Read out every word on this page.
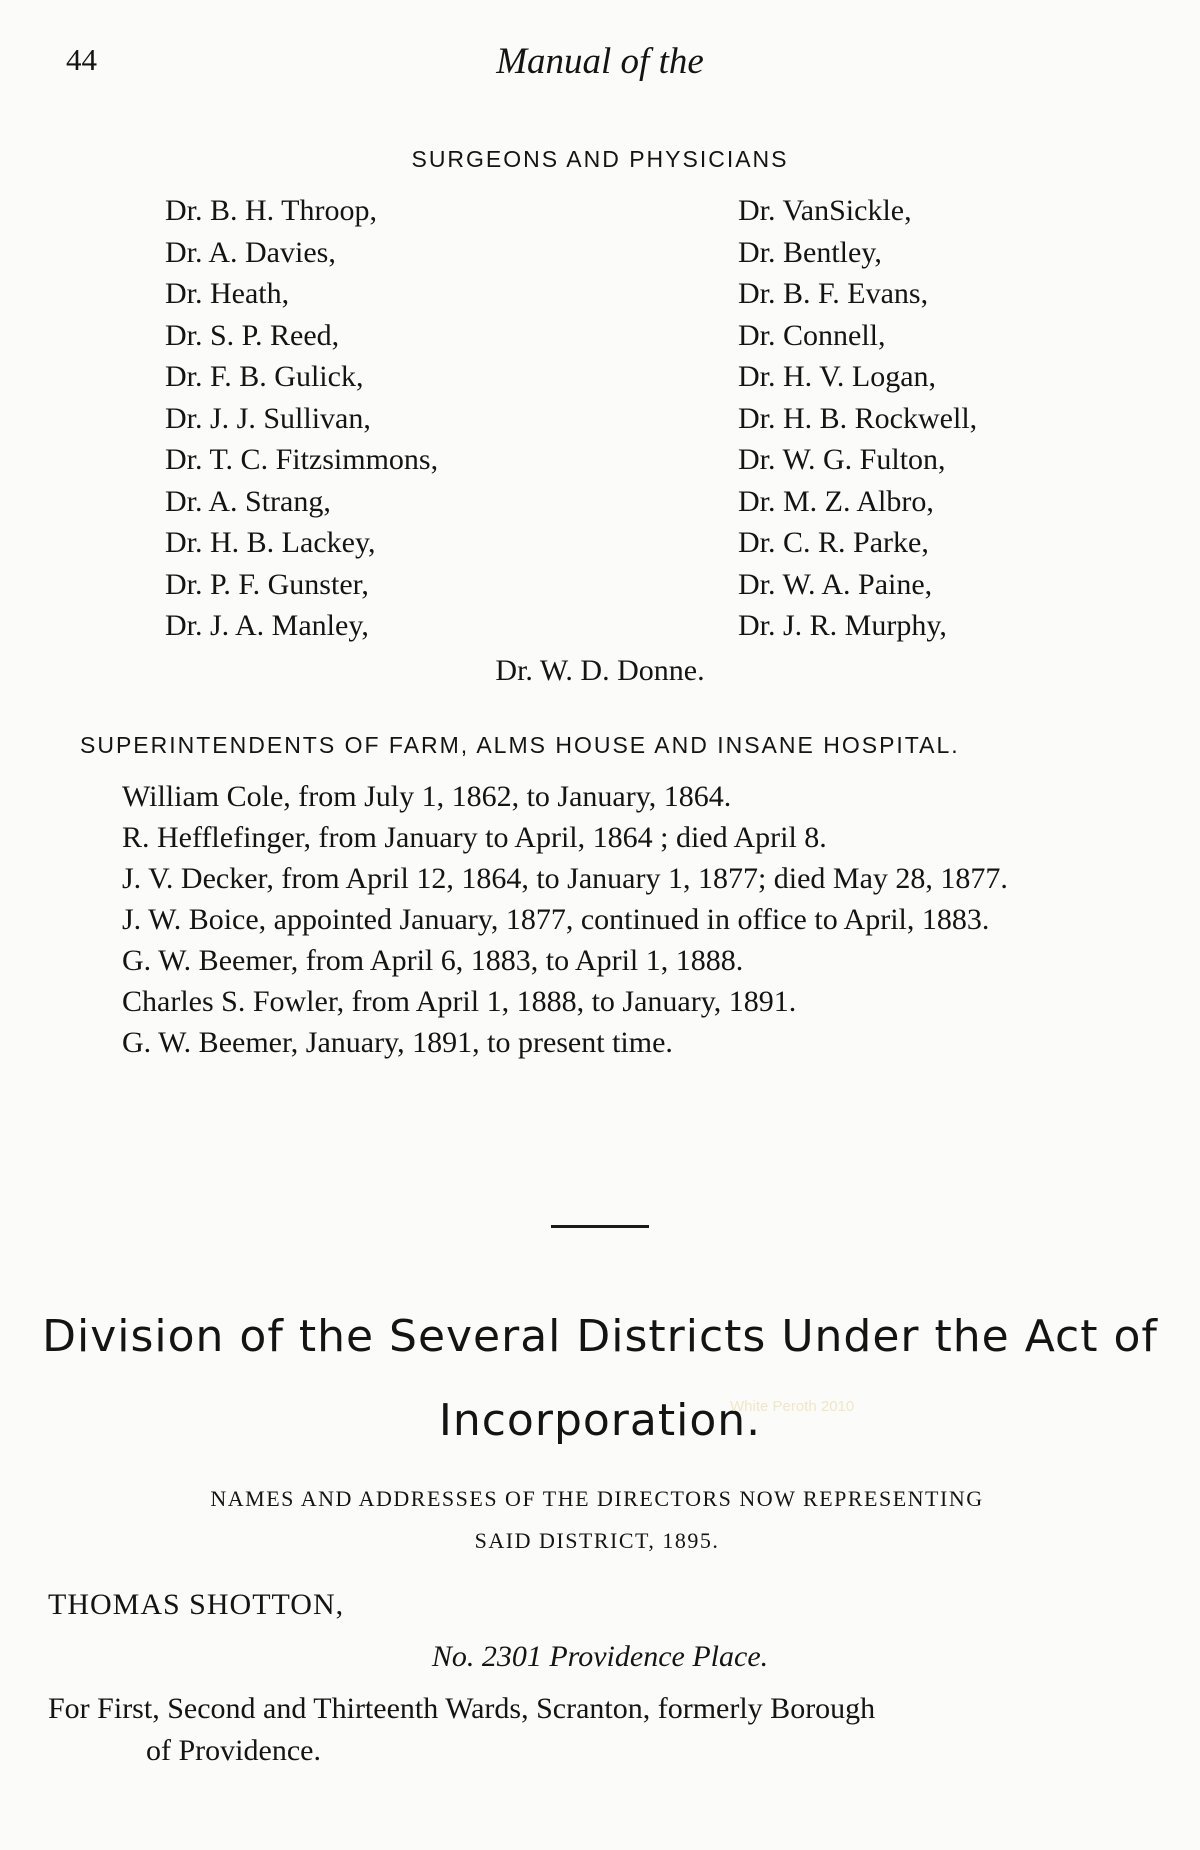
44	Manual of the
SURGEONS AND PHYSICIANS
Dr. B. H. Throop,
Dr. A. Davies,
Dr. Heath,
Dr. S. P. Reed,
Dr. F. B. Gulick,
Dr. J. J. Sullivan,
Dr. T. C. Fitzsimmons,
Dr. A. Strang,
Dr. H. B. Lackey,
Dr. P. F. Gunster,
Dr. J. A. Manley,
Dr. VanSickle,
Dr. Bentley,
Dr. B. F. Evans,
Dr. Connell,
Dr. H. V. Logan,
Dr. H. B. Rockwell,
Dr. W. G. Fulton,
Dr. M. Z. Albro,
Dr. C. R. Parke,
Dr. W. A. Paine,
Dr. J. R. Murphy,
Dr. W. D. Donne.
SUPERINTENDENTS OF FARM, ALMS HOUSE AND INSANE HOSPITAL.

William Cole, from July 1, 1862, to January, 1864.

R. Hefflefinger, from January to April, 1864 ; died April 8.

J. V. Decker, from April 12, 1864, to January 1, 1877; died May 28, 1877.

J. W. Boice, appointed January, 1877, continued in office to April, 1883.

G. W. Beemer, from April 6, 1883, to April 1, 1888.

Charles S. Fowler, from April 1, 1888, to January, 1891.

G. W. Beemer, January, 1891, to present time.

Division of the Several Districts Under the Act of
Incorporation.
White Peroth 2010
NAMES AND ADDRESSES OF THE DIRECTORS NOW REPRESENTING
SAID DISTRICT, 1895.
THOMAS SHOTTON,
No. 2301 Providence Place.
For First, Second and Thirteenth Wards, Scranton, formerly Borough
of Providence.
